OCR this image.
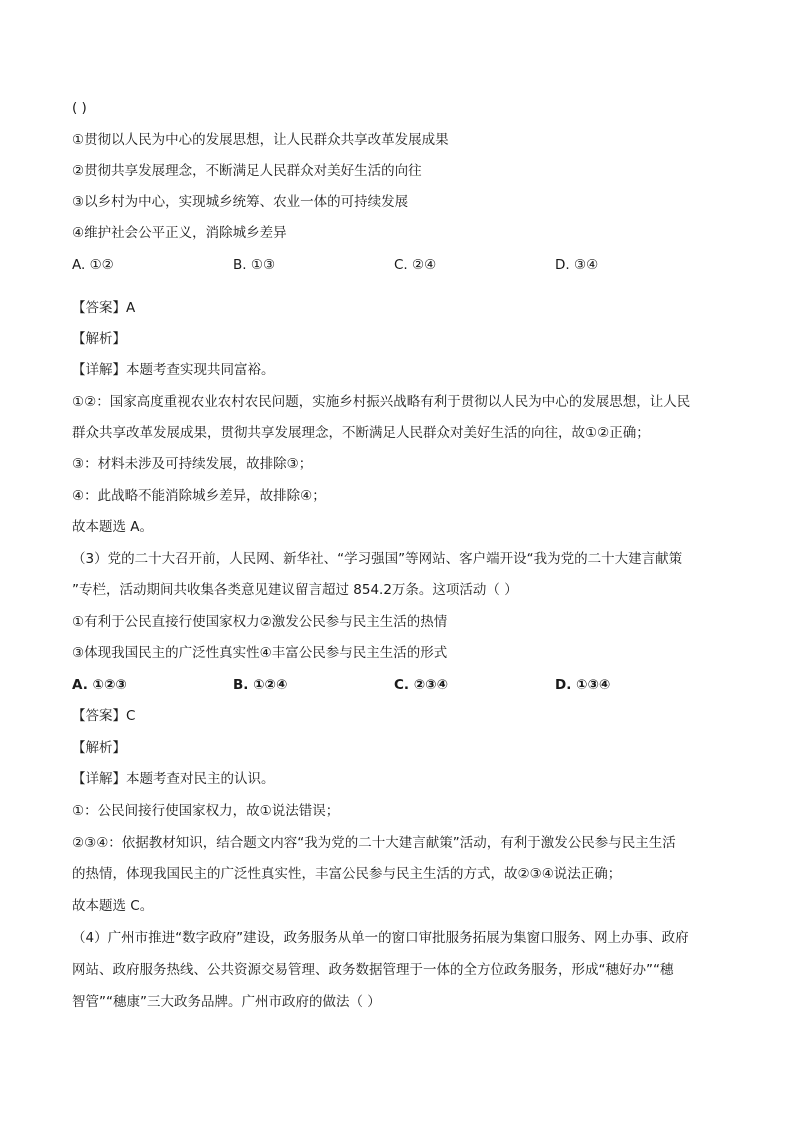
( )
①贯彻以人民为中心的发展思想，让人民群众共享改革发展成果
②贯彻共享发展理念，不断满足人民群众对美好生活的向往
③以乡村为中心，实现城乡统筹、农业一体的可持续发展
④维护社会公平正义，消除城乡差异
A. ①②	B. ①③	C. ②④	D. ③④
【答案】A
【解析】
【详解】本题考查实现共同富裕。
①②：国家高度重视农业农村农民问题，实施乡村振兴战略有利于贯彻以人民为中心的发展思想，让人民
群众共享改革发展成果，贯彻共享发展理念，不断满足人民群众对美好生活的向往，故①②正确；
③：材料未涉及可持续发展，故排除③；
④：此战略不能消除城乡差异，故排除④；
故本题选 A。
（3）党的二十大召开前，人民网、新华社、“学习强国”等网站、客户端开设“我为党的二十大建言献策
”专栏，活动期间共收集各类意见建议留言超过 854.2万条。这项活动（ ）
①有利于公民直接行使国家权力②激发公民参与民主生活的热情
③体现我国民主的广泛性真实性④丰富公民参与民主生活的形式
A. ①②③	B. ①②④	C. ②③④	D. ①③④
【答案】C
【解析】
【详解】本题考查对民主的认识。
①：公民间接行使国家权力，故①说法错误；
②③④：依据教材知识，结合题文内容“我为党的二十大建言献策”活动，有利于激发公民参与民主生活
的热情，体现我国民主的广泛性真实性，丰富公民参与民主生活的方式，故②③④说法正确；
故本题选 C。
（4）广州市推进“数字政府”建设，政务服务从单一的窗口审批服务拓展为集窗口服务、网上办事、政府
网站、政府服务热线、公共资源交易管理、政务数据管理于一体的全方位政务服务，形成“穗好办”“穗
智管”“穗康”三大政务品牌。广州市政府的做法（ ）
